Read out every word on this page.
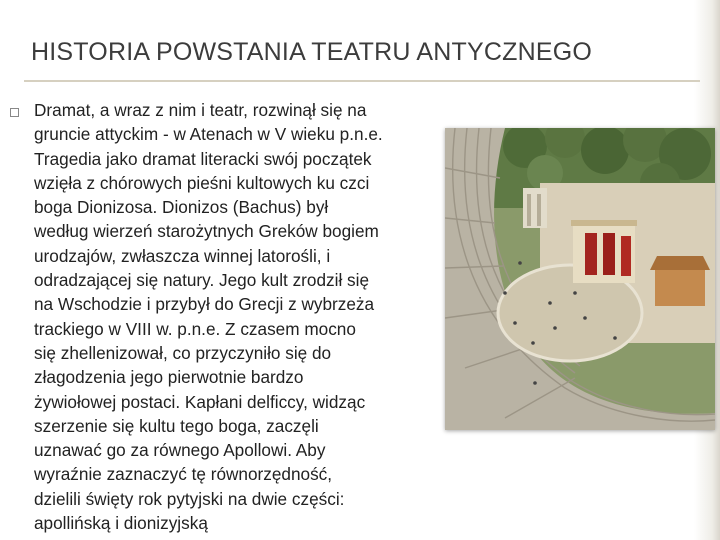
HISTORIA POWSTANIA TEATRU ANTYCZNEGO
Dramat, a wraz z nim i teatr, rozwinął się na
gruncie attyckim - w Atenach w V wieku p.n.e.
Tragedia jako dramat literacki swój początek
wzięła z chórowych pieśni kultowych ku czci
boga Dionizosa. Dionizos (Bachus) był
według wierzeń starożytnych Greków bogiem
urodzajów, zwłaszcza winnej latorośli, i
odradzającej się natury. Jego kult zrodził się
na Wschodzie i przybył do Grecji z wybrzeża
trackiego w VIII w. p.n.e. Z czasem mocno
się zhellenizował, co przyczyniło się do
złagodzenia jego pierwotnie bardzo
żywiołowej postaci. Kapłani delficcy, widząc
szerzenie się kultu tego boga, zaczęli
uznawać go za równego Apollowi. Aby
wyraźnie zaznaczyć tę równorzędność,
dzielili święty rok pytyjski na dwie części:
apollińską i dionizyjską
